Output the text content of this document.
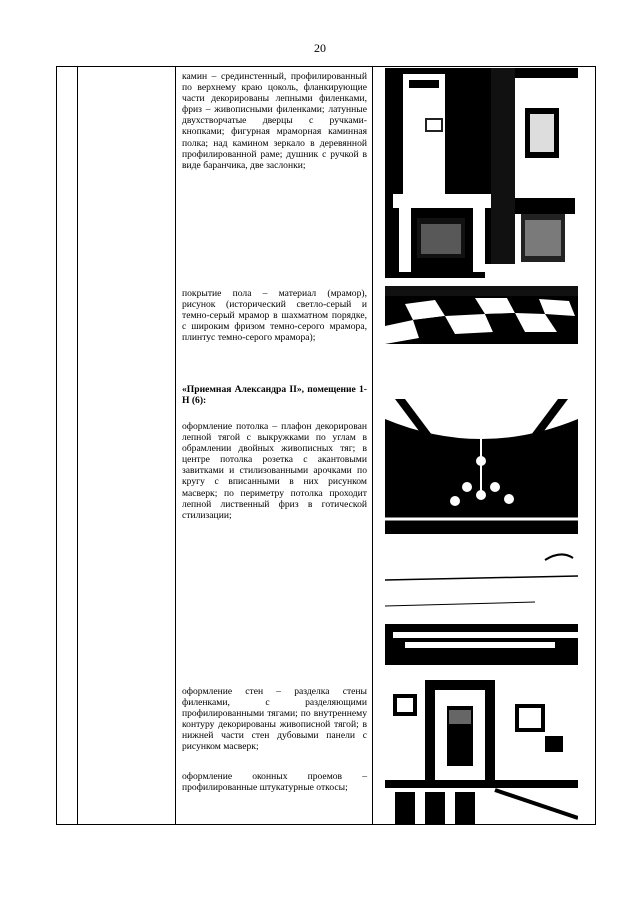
20
камин – срединстенный, профилированный по верхнему краю цоколь, фланкирующие части декорированы лепными филенками, фриз – живописными филенками; латунные двухстворчатые дверцы с ручками-кнопками; фигурная мраморная каминная полка; над камином зеркало в деревянной профилированной раме; душник с ручкой в виде баранчика, две заслонки;
покрытие пола – материал (мрамор), рисунок (исторический светло-серый и темно-серый мрамор в шахматном порядке, с широким фризом темно-серого мрамора, плинтус темно-серого мрамора);
«Приемная Александра II», помещение 1-Н (6):
оформление потолка – плафон декорирован лепной тягой с выкружками по углам в обрамлении двойных живописных тяг; в центре потолка розетка с акантовыми завитками и стилизованными арочками по кругу с вписанными в них рисунком масверк; по периметру потолка проходит лепной лиственный фриз в готической стилизации;
оформление стен – разделка стены филенками, с разделяющими профилированными тягами; по внутреннему контуру декорированы живописной тягой; в нижней части стен дубовыми панели с рисунком масверк;
оформление оконных проемов – профилированные штукатурные откосы;
